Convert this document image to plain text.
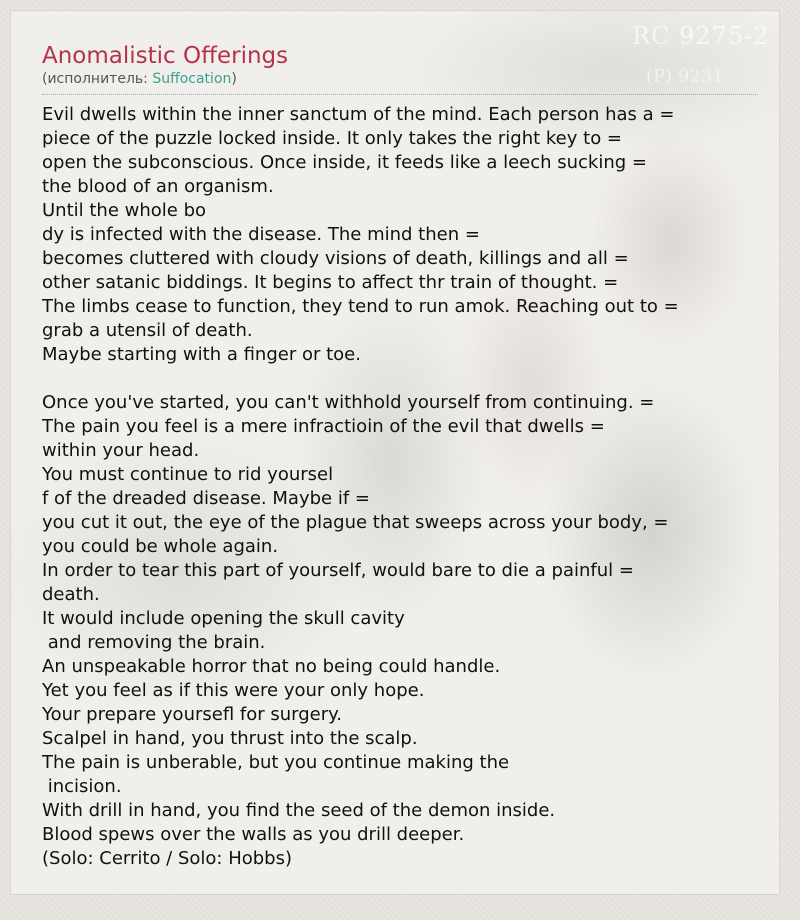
RC 9275-2
(P) 9231
Anomalistic Offerings
(исполнитель: Suffocation)
Evil dwells within the inner sanctum of the mind. Each person has a =
piece of the puzzle locked inside. It only takes the right key to =
open the subconscious. Once inside, it feeds like a leech sucking =
the blood of an organism.
Until the whole bo
dy is infected with the disease. The mind then =
becomes cluttered with cloudy visions of death, killings and all =
other satanic biddings. It begins to affect thr train of thought. =
The limbs cease to function, they tend to run amok. Reaching out to =
grab a utensil of death.
Maybe starting with a finger or toe.
Once you've started, you can't withhold yourself from continuing. =
The pain you feel is a mere infractioin of the evil that dwells =
within your head.
You must continue to rid yoursel
f of the dreaded disease. Maybe if =
you cut it out, the eye of the plague that sweeps across your body, =
you could be whole again.
In order to tear this part of yourself, would bare to die a painful =
death.
It would include opening the skull cavity
and removing the brain.
An unspeakable horror that no being could handle.
Yet you feel as if this were your only hope.
Your prepare yoursefl for surgery.
Scalpel in hand, you thrust into the scalp.
The pain is unberable, but you continue making the
incision.
With drill in hand, you find the seed of the demon inside.
Blood spews over the walls as you drill deeper.
(Solo: Cerrito / Solo: Hobbs)
